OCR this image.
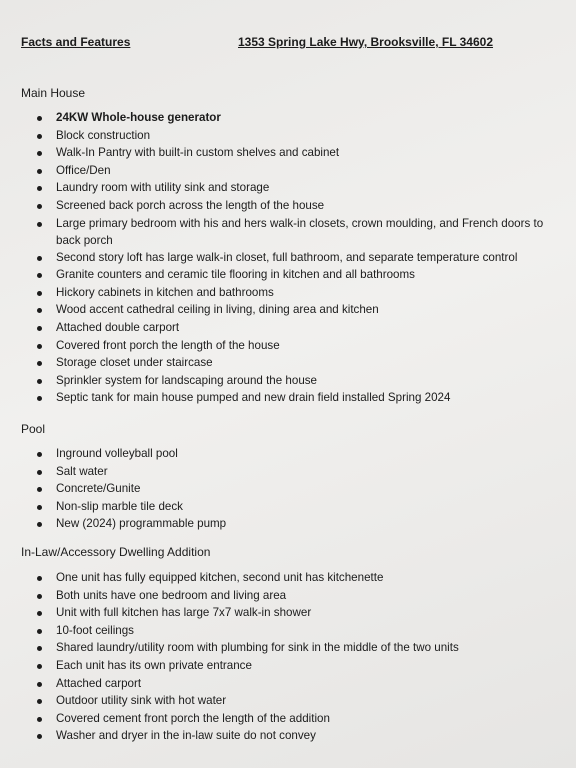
Facts and Features	1353 Spring Lake Hwy, Brooksville, FL 34602
Main House
24KW Whole-house generator
Block construction
Walk-In Pantry with built-in custom shelves and cabinet
Office/Den
Laundry room with utility sink and storage
Screened back porch across the length of the house
Large primary bedroom with his and hers walk-in closets, crown moulding, and French doors to back porch
Second story loft has large walk-in closet, full bathroom, and separate temperature control
Granite counters and ceramic tile flooring in kitchen and all bathrooms
Hickory cabinets in kitchen and bathrooms
Wood accent cathedral ceiling in living, dining area and kitchen
Attached double carport
Covered front porch the length of the house
Storage closet under staircase
Sprinkler system for landscaping around the house
Septic tank for main house pumped and new drain field installed Spring 2024
Pool
Inground volleyball pool
Salt water
Concrete/Gunite
Non-slip marble tile deck
New (2024) programmable pump
In-Law/Accessory Dwelling Addition
One unit has fully equipped kitchen, second unit has kitchenette
Both units have one bedroom and living area
Unit with full kitchen has large 7x7 walk-in shower
10-foot ceilings
Shared laundry/utility room with plumbing for sink in the middle of the two units
Each unit has its own private entrance
Attached carport
Outdoor utility sink with hot water
Covered cement front porch the length of the addition
Washer and dryer in the in-law suite do not convey
